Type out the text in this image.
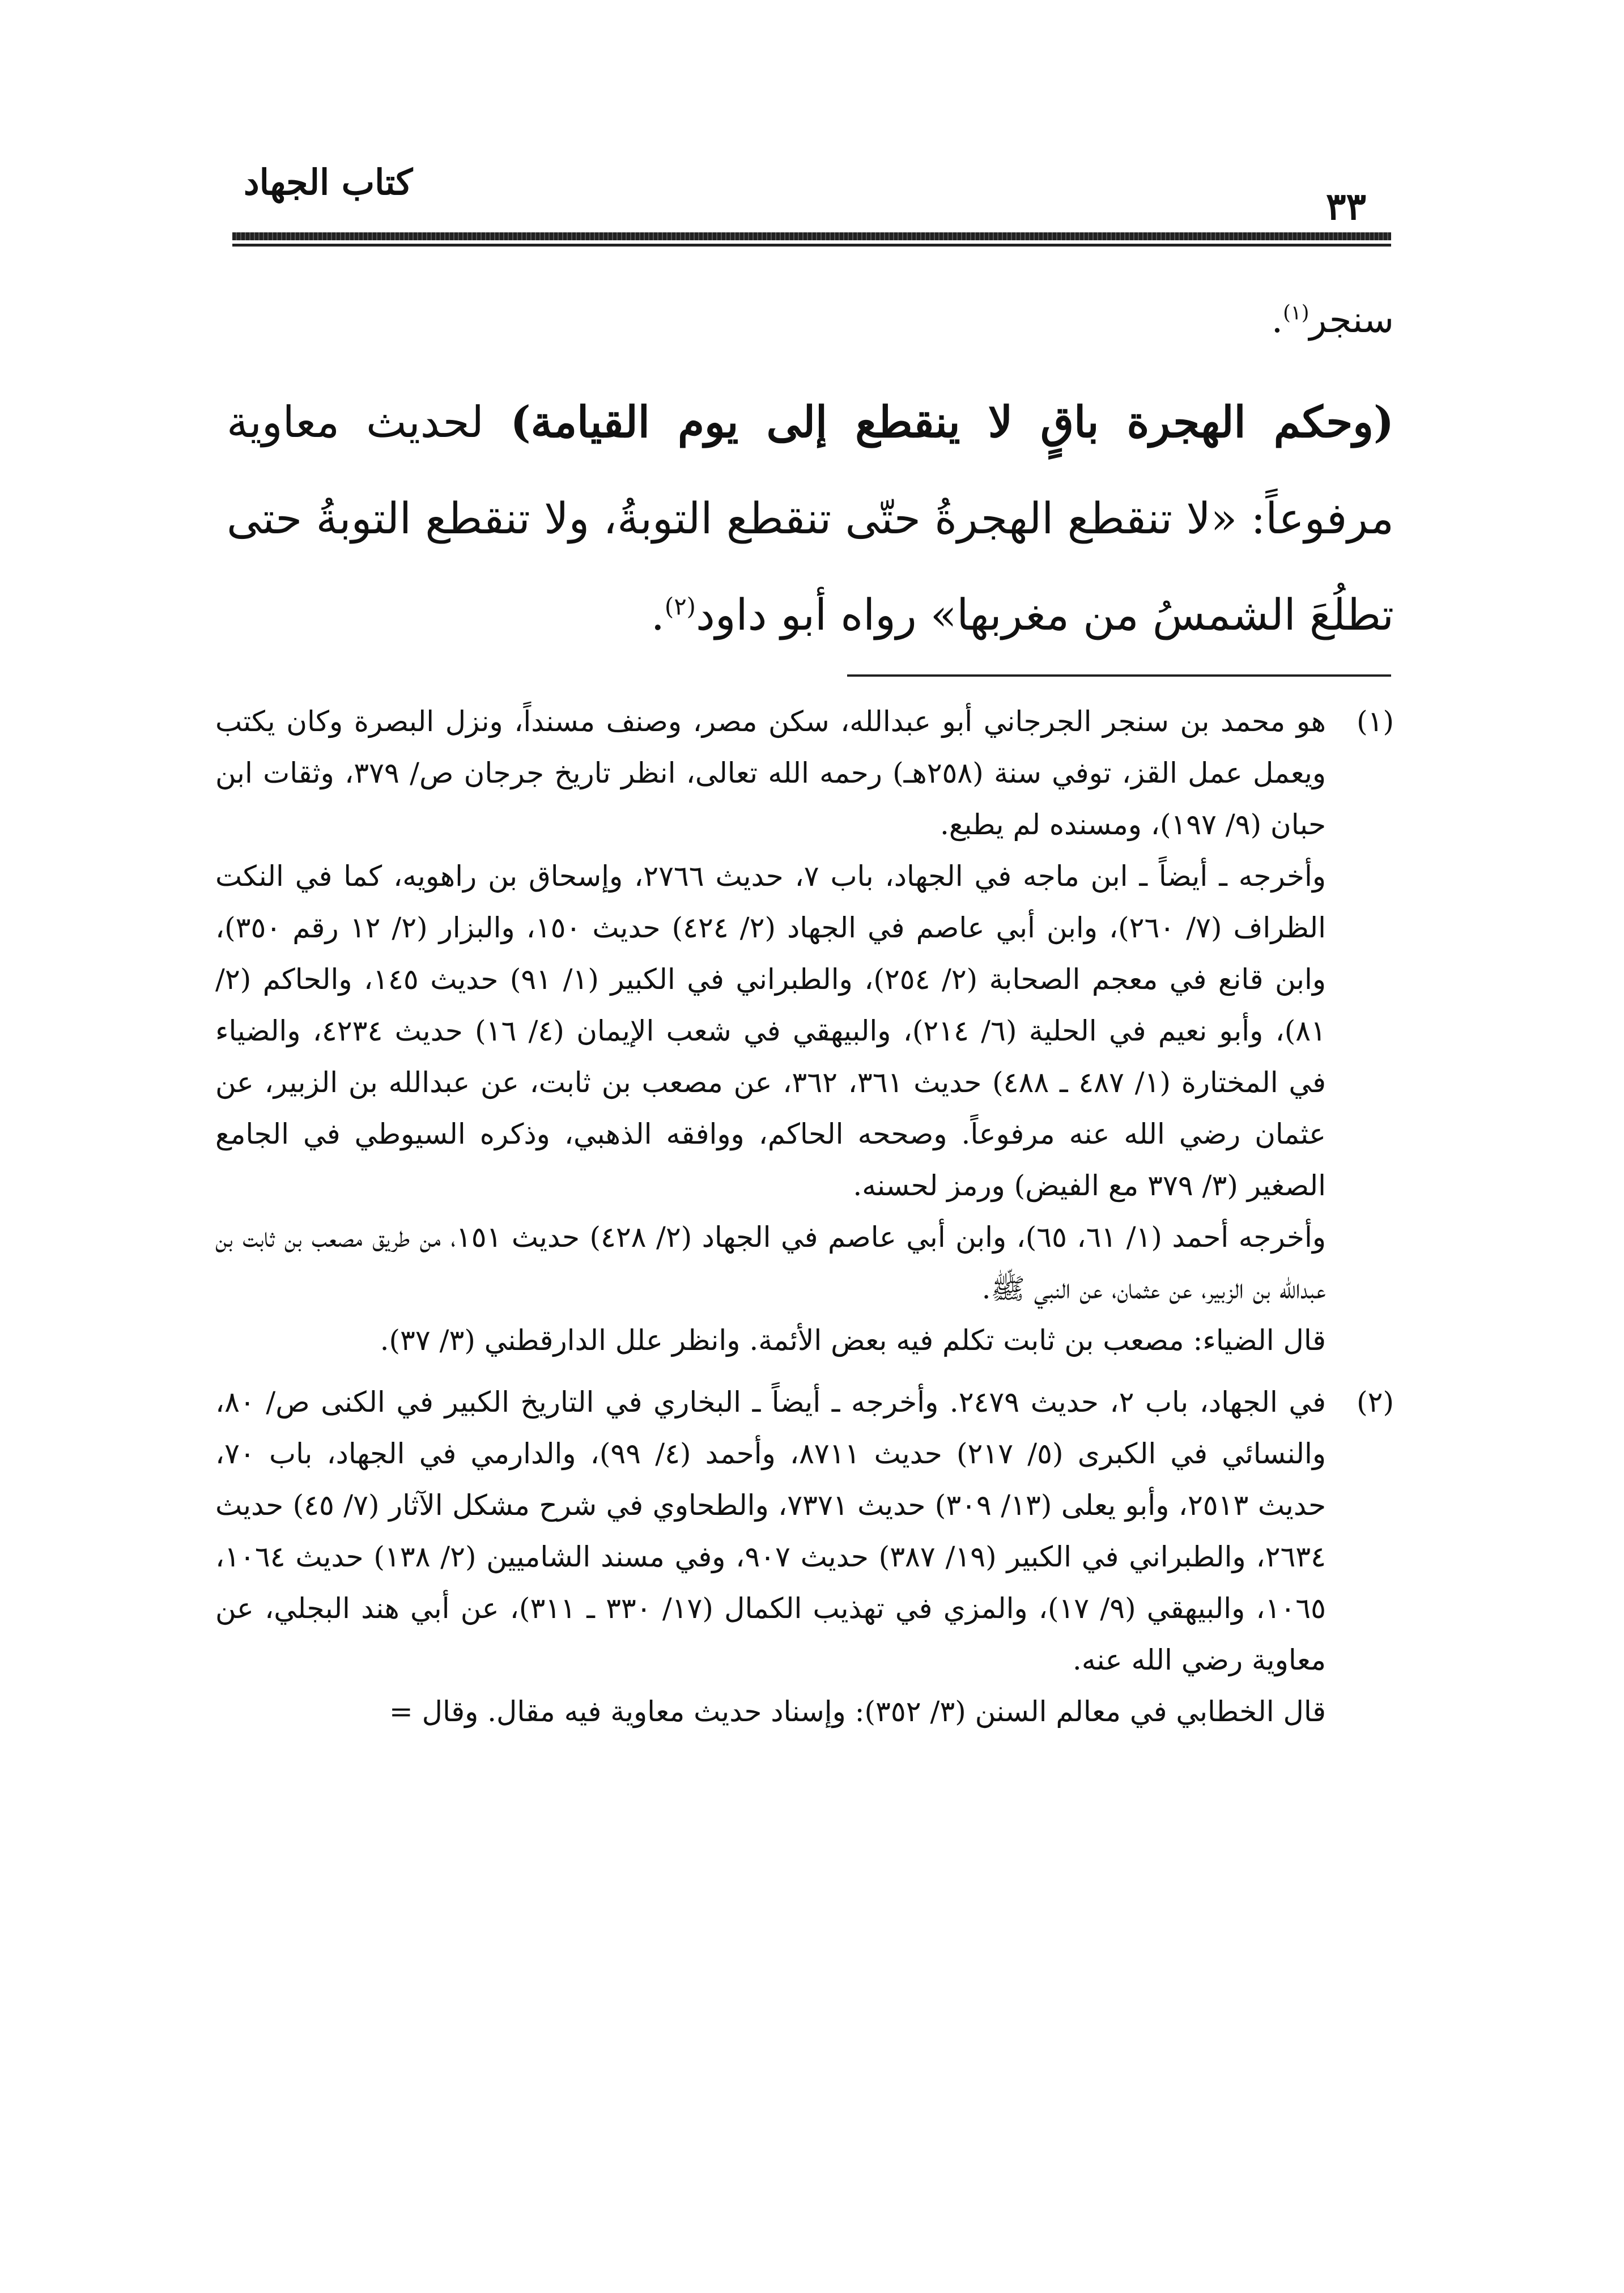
كتاب الجهاد
٣٣

سنجر$^{(١)}$.

(وحكم الهجرة باقٍ لا ينقطع إلى يوم القيامة) لحديث معاوية مرفوعاً: «لا تنقطع الهجرةُ حتّى تنقطع التوبةُ، ولا تنقطع التوبةُ حتى تطلُعَ الشمسُ من مغربها» رواه أبو داود$^{(٢)}$.

(١)

هو محمد بن سنجر الجرجاني أبو عبدالله، سكن مصر، وصنف مسنداً، ونزل البصرة وكان يكتب ويعمل عمل القز، توفي سنة (٢٥٨هـ) رحمه الله تعالى، انظر تاريخ جرجان ص/ ٣٧٩، وثقات ابن حبان (٩/ ١٩٧)، ومسنده لم يطبع.

وأخرجه ـ أيضاً ـ ابن ماجه في الجهاد، باب ٧، حديث ٢٧٦٦، وإسحاق بن راهويه، كما في النكت الظراف (٧/ ٢٦٠)، وابن أبي عاصم في الجهاد (٢/ ٤٢٤) حديث ١٥٠، والبزار (٢/ ١٢ رقم ٣٥٠)، وابن قانع في معجم الصحابة (٢/ ٢٥٤)، والطبراني في الكبير (١/ ٩١) حديث ١٤٥، والحاكم (٢/ ٨١)، وأبو نعيم في الحلية (٦/ ٢١٤)، والبيهقي في شعب الإيمان (٤/ ١٦) حديث ٤٢٣٤، والضياء في المختارة (١/ ٤٨٧ ـ ٤٨٨) حديث ٣٦١، ٣٦٢، عن مصعب بن ثابت، عن عبدالله بن الزبير، عن عثمان رضي الله عنه مرفوعاً. وصححه الحاكم، ووافقه الذهبي، وذكره السيوطي في الجامع الصغير (٣/ ٣٧٩ مع الفيض) ورمز لحسنه.

وأخرجه أحمد (١/ ٦١، ٦٥)، وابن أبي عاصم في الجهاد (٢/ ٤٢٨) حديث ١٥١، من طريق مصعب بن ثابت بن عبدالله بن الزبير، عن عثمان، عن النبي ﷺ.

قال الضياء: مصعب بن ثابت تكلم فيه بعض الأئمة. وانظر علل الدارقطني (٣/ ٣٧).

(٢)

في الجهاد، باب ٢، حديث ٢٤٧٩. وأخرجه ـ أيضاً ـ البخاري في التاريخ الكبير في الكنى ص/ ٨٠، والنسائي في الكبرى (٥/ ٢١٧) حديث ٨٧١١، وأحمد (٤/ ٩٩)، والدارمي في الجهاد، باب ٧٠، حديث ٢٥١٣، وأبو يعلى (١٣/ ٣٠٩) حديث ٧٣٧١، والطحاوي في شرح مشكل الآثار (٧/ ٤٥) حديث ٢٦٣٤، والطبراني في الكبير (١٩/ ٣٨٧) حديث ٩٠٧، وفي مسند الشاميين (٢/ ١٣٨) حديث ١٠٦٤، ١٠٦٥، والبيهقي (٩/ ١٧)، والمزي في تهذيب الكمال (١٧/ ٣٣٠ ـ ٣١١)، عن أبي هند البجلي، عن معاوية رضي الله عنه.

قال الخطابي في معالم السنن (٣/ ٣٥٢): وإسناد حديث معاوية فيه مقال. وقال =
